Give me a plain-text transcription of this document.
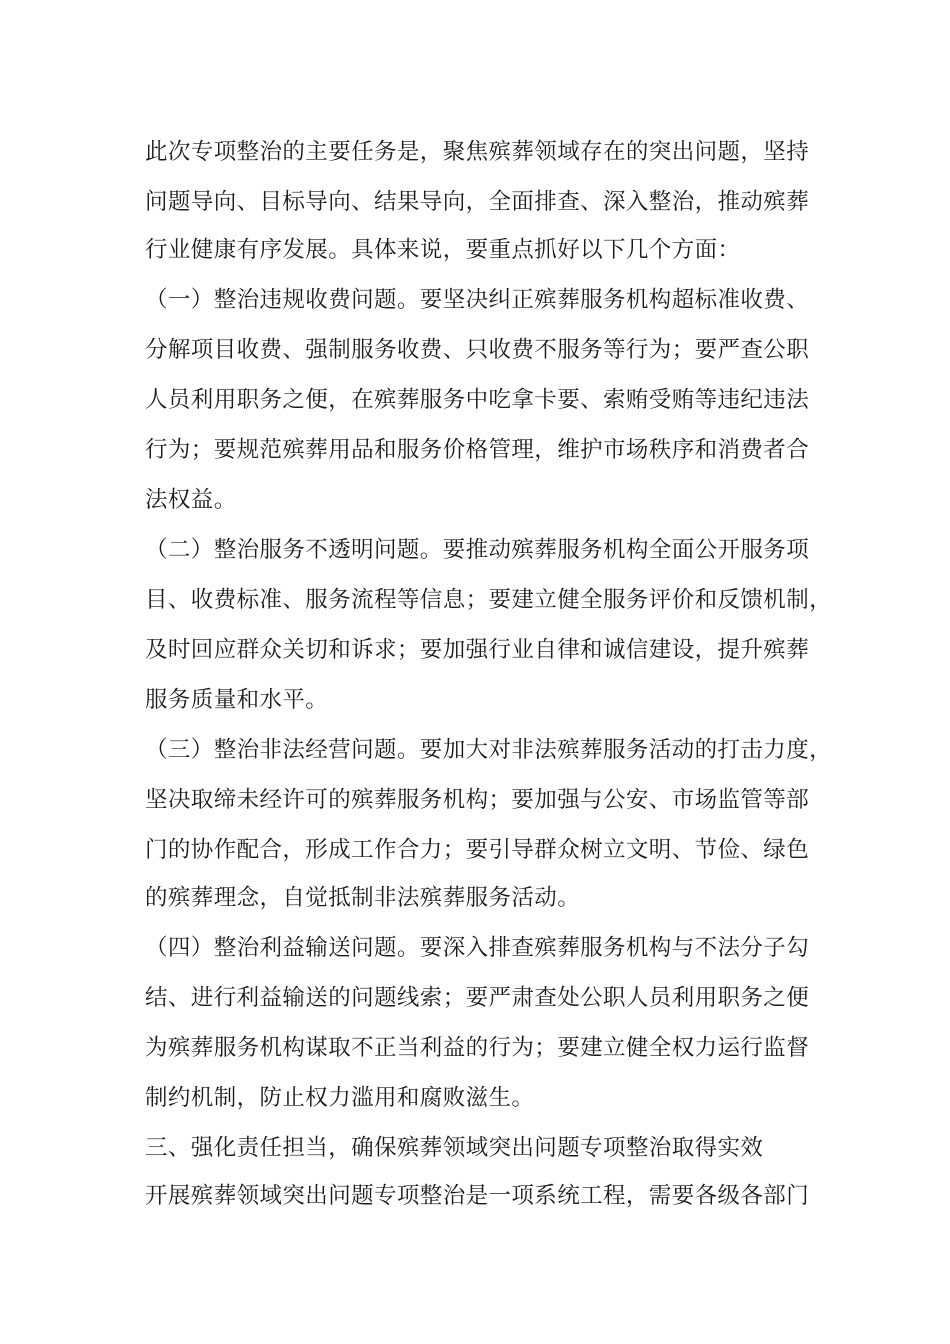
此次专项整治的主要任务是，聚焦殡葬领域存在的突出问题，坚持

问题导向、目标导向、结果导向，全面排查、深入整治，推动殡葬

行业健康有序发展。具体来说，要重点抓好以下几个方面：

（一）整治违规收费问题。要坚决纠正殡葬服务机构超标准收费、

分解项目收费、强制服务收费、只收费不服务等行为；要严查公职

人员利用职务之便，在殡葬服务中吃拿卡要、索贿受贿等违纪违法

行为；要规范殡葬用品和服务价格管理，维护市场秩序和消费者合

法权益。

（二）整治服务不透明问题。要推动殡葬服务机构全面公开服务项

目、收费标准、服务流程等信息；要建立健全服务评价和反馈机制，

及时回应群众关切和诉求；要加强行业自律和诚信建设，提升殡葬

服务质量和水平。

（三）整治非法经营问题。要加大对非法殡葬服务活动的打击力度，

坚决取缔未经许可的殡葬服务机构；要加强与公安、市场监管等部

门的协作配合，形成工作合力；要引导群众树立文明、节俭、绿色

的殡葬理念，自觉抵制非法殡葬服务活动。

（四）整治利益输送问题。要深入排查殡葬服务机构与不法分子勾

结、进行利益输送的问题线索；要严肃查处公职人员利用职务之便

为殡葬服务机构谋取不正当利益的行为；要建立健全权力运行监督

制约机制，防止权力滥用和腐败滋生。

三、强化责任担当，确保殡葬领域突出问题专项整治取得实效

开展殡葬领域突出问题专项整治是一项系统工程，需要各级各部门
